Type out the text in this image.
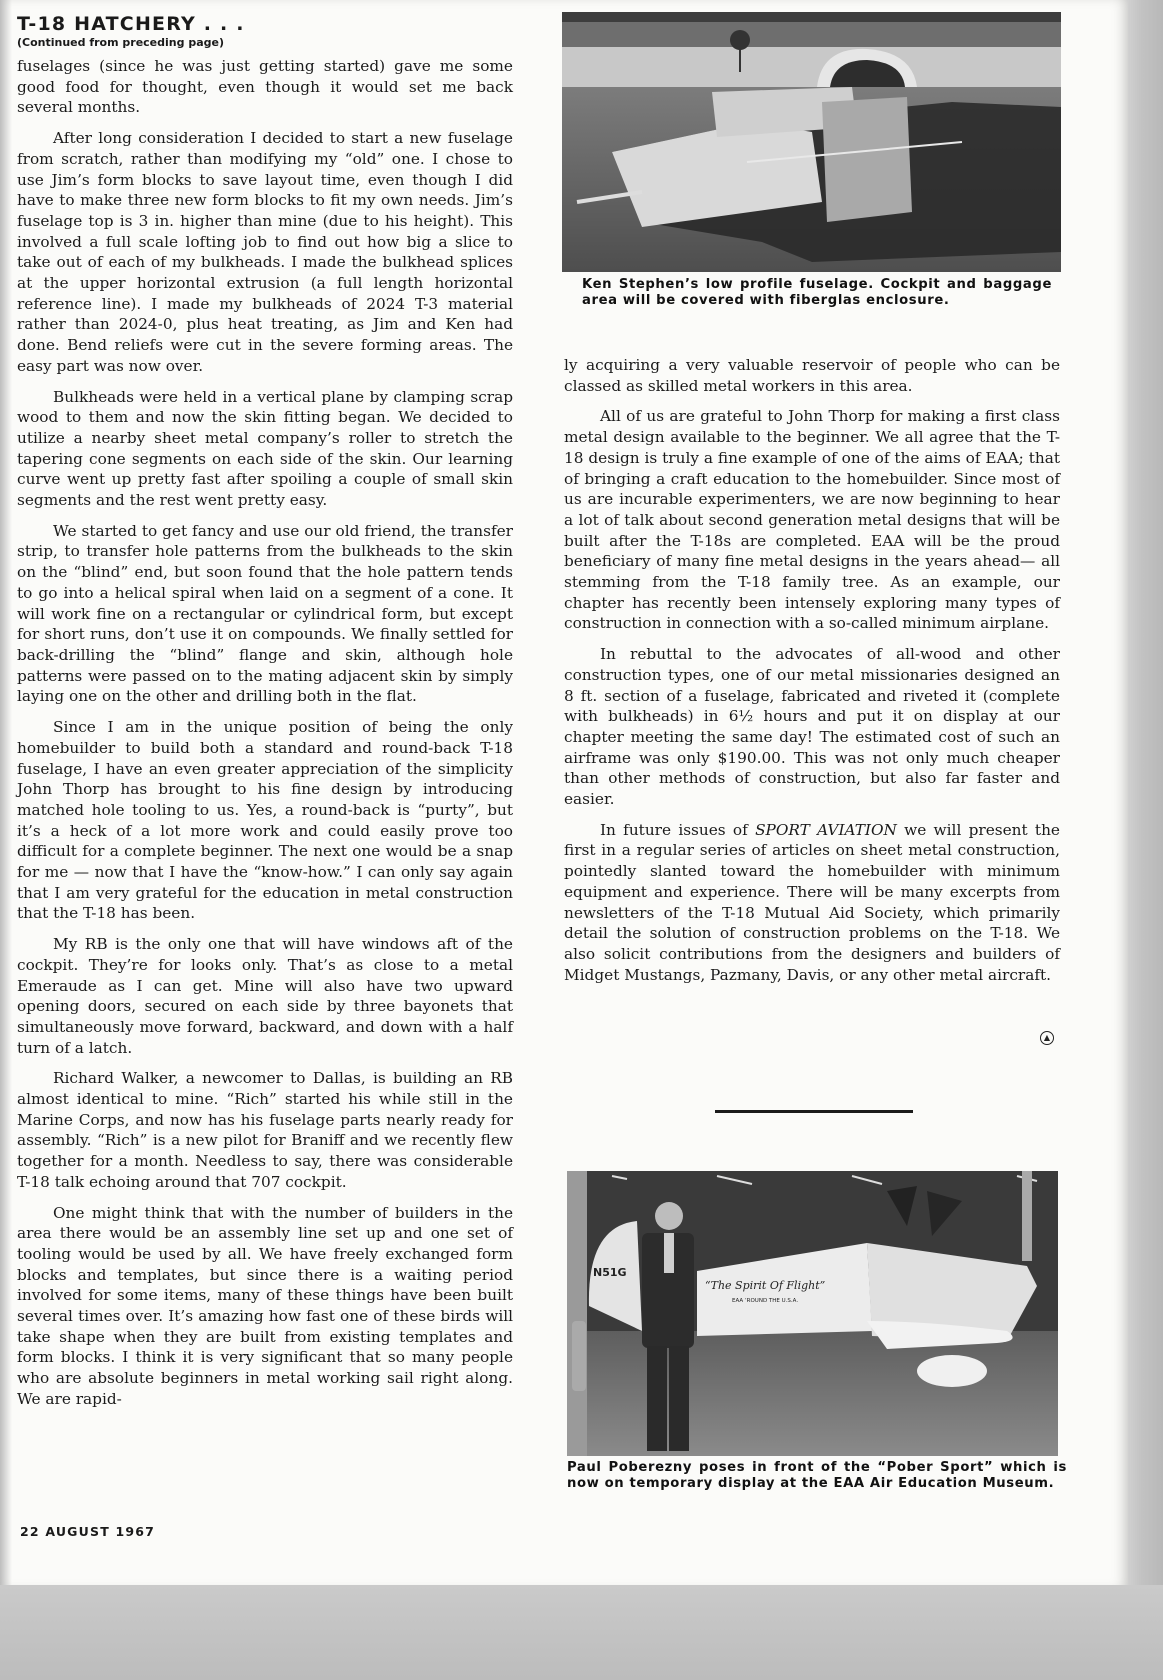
T-18 HATCHERY . . .
(Continued from preceding page)

fuselages (since he was just getting started) gave me some good food for thought, even though it would set me back several months.

After long consideration I decided to start a new fuselage from scratch, rather than modifying my “old” one. I chose to use Jim’s form blocks to save layout time, even though I did have to make three new form blocks to fit my own needs. Jim’s fuselage top is 3 in. higher than mine (due to his height). This involved a full scale lofting job to find out how big a slice to take out of each of my bulkheads. I made the bulkhead splices at the upper horizontal extrusion (a full length horizontal reference line). I made my bulkheads of 2024 T-3 material rather than 2024-0, plus heat treating, as Jim and Ken had done. Bend reliefs were cut in the severe forming areas. The easy part was now over.

Bulkheads were held in a vertical plane by clamping scrap wood to them and now the skin fitting began. We decided to utilize a nearby sheet metal company’s roller to stretch the tapering cone segments on each side of the skin. Our learning curve went up pretty fast after spoiling a couple of small skin segments and the rest went pretty easy.

We started to get fancy and use our old friend, the transfer strip, to transfer hole patterns from the bulkheads to the skin on the “blind” end, but soon found that the hole pattern tends to go into a helical spiral when laid on a segment of a cone. It will work fine on a rectangular or cylindrical form, but except for short runs, don’t use it on compounds. We finally settled for back-drilling the “blind” flange and skin, although hole patterns were passed on to the mating adjacent skin by simply laying one on the other and drilling both in the flat.

Since I am in the unique position of being the only homebuilder to build both a standard and round-back T-18 fuselage, I have an even greater appreciation of the simplicity John Thorp has brought to his fine design by introducing matched hole tooling to us. Yes, a round-back is “purty”, but it’s a heck of a lot more work and could easily prove too difficult for a complete beginner. The next one would be a snap for me — now that I have the “know-how.” I can only say again that I am very grateful for the education in metal construction that the T-18 has been.

My RB is the only one that will have windows aft of the cockpit. They’re for looks only. That’s as close to a metal Emeraude as I can get. Mine will also have two upward opening doors, secured on each side by three bayonets that simultaneously move forward, backward, and down with a half turn of a latch.

Richard Walker, a newcomer to Dallas, is building an RB almost identical to mine. “Rich” started his while still in the Marine Corps, and now has his fuselage parts nearly ready for assembly. “Rich” is a new pilot for Braniff and we recently flew together for a month. Needless to say, there was considerable T-18 talk echoing around that 707 cockpit.

One might think that with the number of builders in the area there would be an assembly line set up and one set of tooling would be used by all. We have freely exchanged form blocks and templates, but since there is a waiting period involved for some items, many of these things have been built several times over. It’s amazing how fast one of these birds will take shape when they are built from existing templates and form blocks. I think it is very significant that so many people who are absolute beginners in metal working sail right along. We are rapid-

Ken Stephen’s low profile fuselage. Cockpit and baggage area will be covered with fiberglas enclosure.

ly acquiring a very valuable reservoir of people who can be classed as skilled metal workers in this area.

All of us are grateful to John Thorp for making a first class metal design available to the beginner. We all agree that the T-18 design is truly a fine example of one of the aims of EAA; that of bringing a craft education to the homebuilder. Since most of us are incurable experimenters, we are now beginning to hear a lot of talk about second generation metal designs that will be built after the T-18s are completed. EAA will be the proud beneficiary of many fine metal designs in the years ahead— all stemming from the T-18 family tree. As an example, our chapter has recently been intensely exploring many types of construction in connection with a so-called minimum airplane.

In rebuttal to the advocates of all-wood and other construction types, one of our metal missionaries designed an 8 ft. section of a fuselage, fabricated and riveted it (complete with bulkheads) in 6½ hours and put it on display at our chapter meeting the same day! The estimated cost of such an airframe was only $190.00. This was not only much cheaper than other methods of construction, but also far faster and easier.

In future issues of SPORT AVIATION we will present the first in a regular series of articles on sheet metal construction, pointedly slanted toward the homebuilder with minimum equipment and experience. There will be many excerpts from newsletters of the T-18 Mutual Aid Society, which primarily detail the solution of construction problems on the T-18. We also solicit contributions from the designers and builders of Midget Mustangs, Pazmany, Davis, or any other metal aircraft.

▲
N51G
“The Spirit Of Flight”
EAA ‘ROUND THE U.S.A.
Paul Poberezny poses in front of the “Pober Sport” which is now on temporary display at the EAA Air Education Museum.
22 AUGUST 1967
